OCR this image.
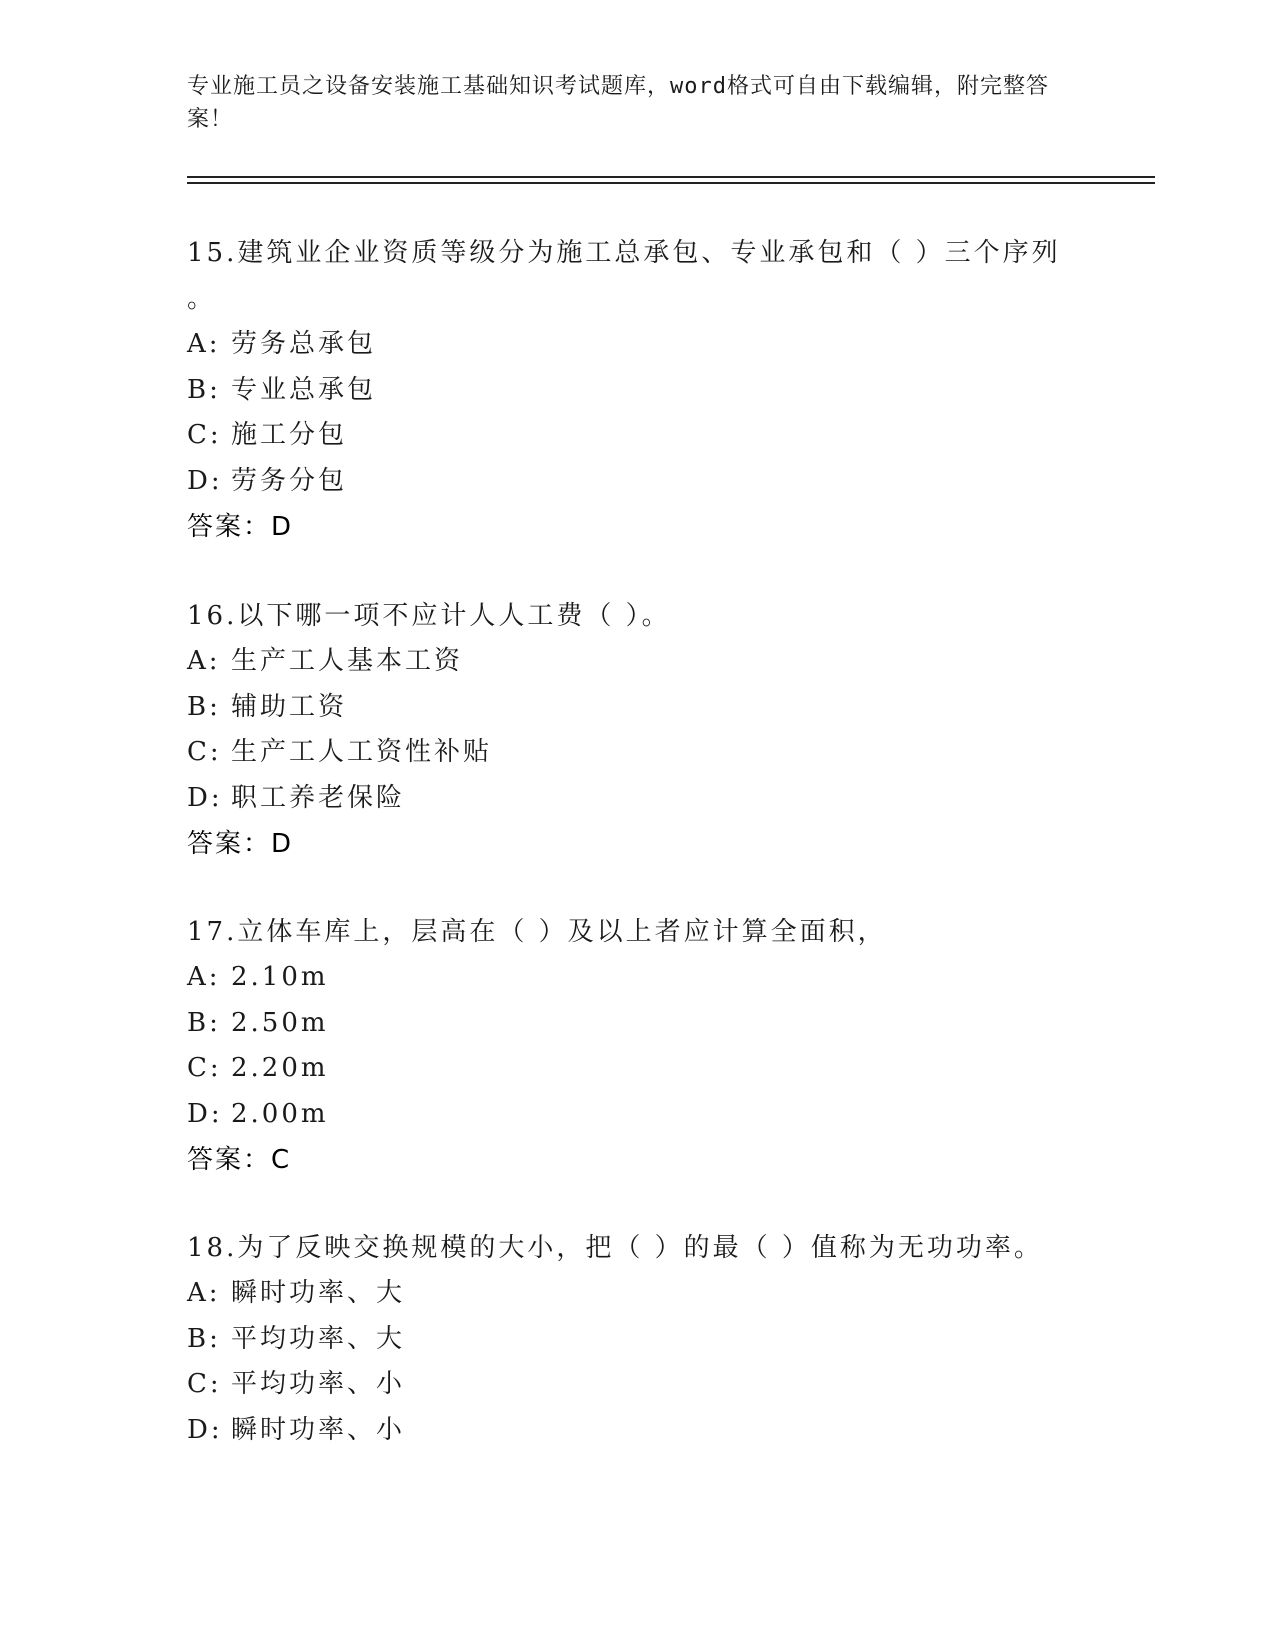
专业施工员之设备安装施工基础知识考试题库，word格式可自由下载编辑，附完整答案！
15.建筑业企业资质等级分为施工总承包、专业承包和（ ）三个序列
。
A: 劳务总承包
B: 专业总承包
C: 施工分包
D: 劳务分包
答案：D
16.以下哪一项不应计人人工费（ ）。
A: 生产工人基本工资
B: 辅助工资
C: 生产工人工资性补贴
D: 职工养老保险
答案：D
17.立体车库上，层高在（ ）及以上者应计算全面积，
A: 2.10m
B: 2.50m
C: 2.20m
D: 2.00m
答案：C
18.为了反映交换规模的大小，把（ ）的最（ ）值称为无功功率。
A: 瞬时功率、大
B: 平均功率、大
C: 平均功率、小
D: 瞬时功率、小
